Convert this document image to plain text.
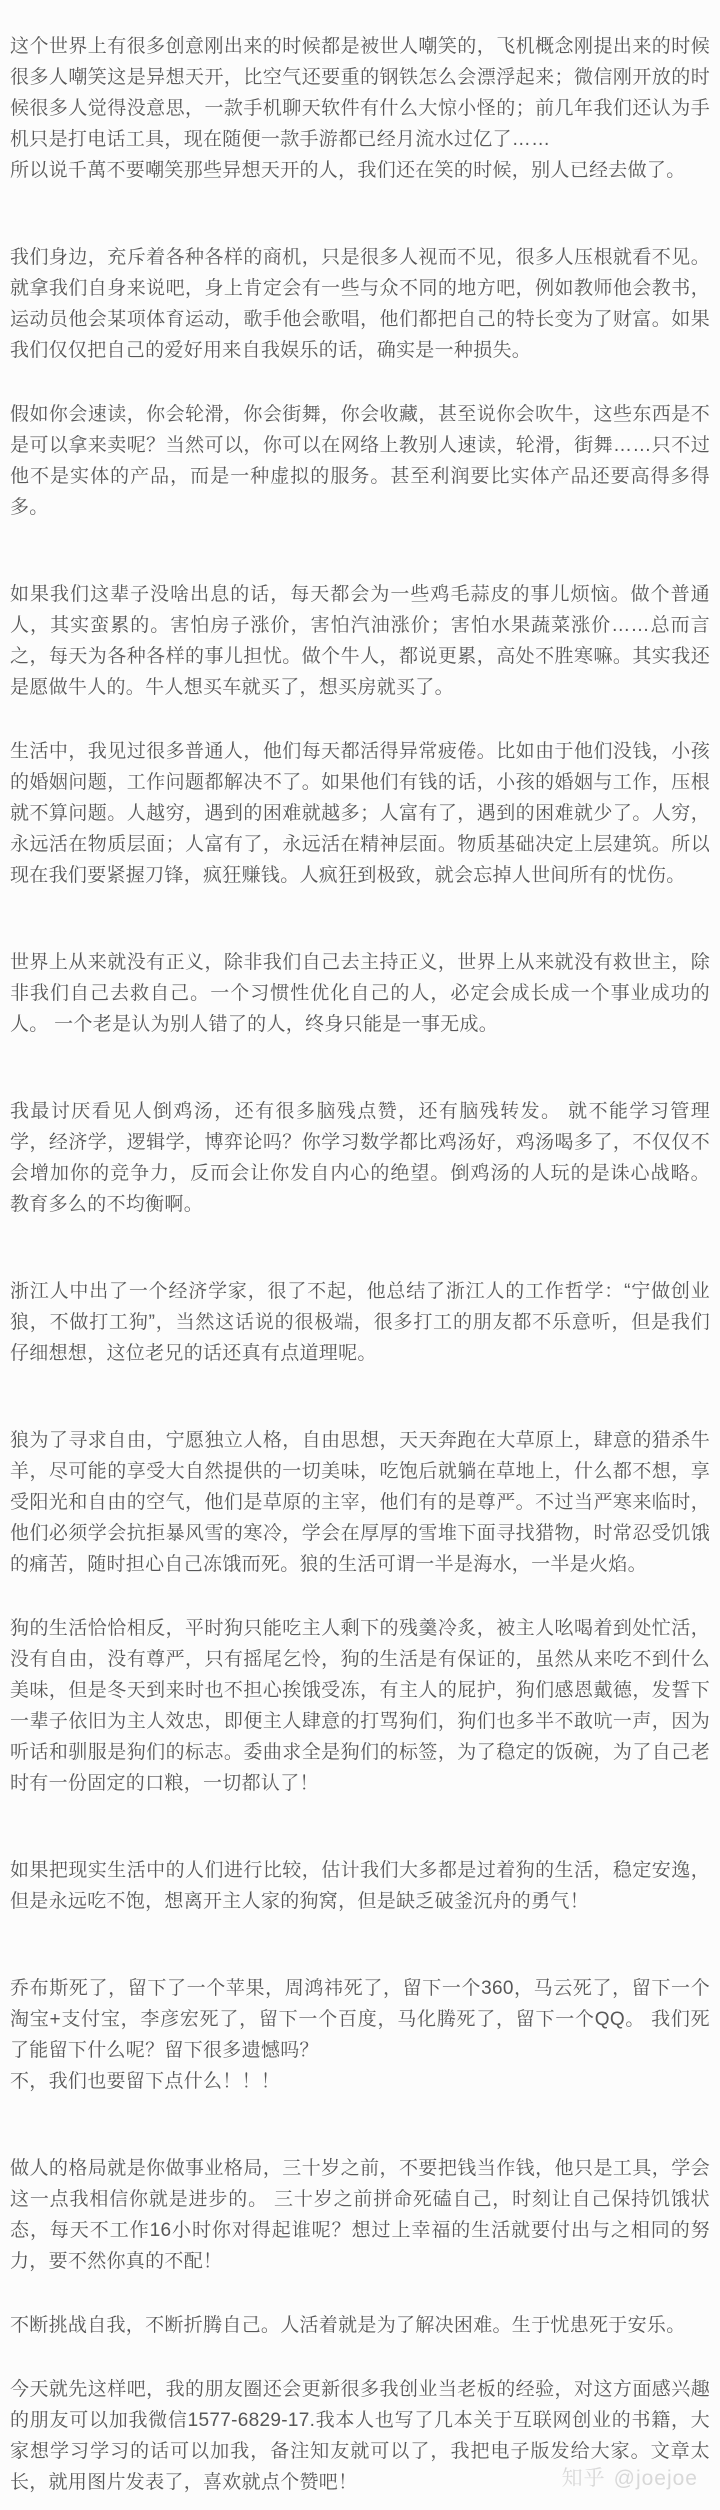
这个世界上有很多创意刚出来的时候都是被世人嘲笑的，飞机概念刚提出来的时候很多人嘲笑这是异想天开，比空气还要重的钢铁怎么会漂浮起来；微信刚开放的时候很多人觉得没意思，一款手机聊天软件有什么大惊小怪的；前几年我们还认为手机只是打电话工具，现在随便一款手游都已经月流水过亿了……

所以说千萬不要嘲笑那些异想天开的人，我们还在笑的时候，别人已经去做了。

我们身边，充斥着各种各样的商机，只是很多人视而不见，很多人压根就看不见。就拿我们自身来说吧，身上肯定会有一些与众不同的地方吧，例如教师他会教书，运动员他会某项体育运动，歌手他会歌唱，他们都把自己的特长变为了财富。如果我们仅仅把自己的爱好用来自我娱乐的话，确实是一种损失。

假如你会速读，你会轮滑，你会街舞，你会收藏，甚至说你会吹牛，这些东西是不是可以拿来卖呢？当然可以，你可以在网络上教别人速读，轮滑，街舞……只不过他不是实体的产品，而是一种虚拟的服务。甚至利润要比实体产品还要高得多得多。

如果我们这辈子没啥出息的话，每天都会为一些鸡毛蒜皮的事儿烦恼。做个普通人，其实蛮累的。害怕房子涨价，害怕汽油涨价；害怕水果蔬菜涨价……总而言之，每天为各种各样的事儿担忧。做个牛人，都说更累，高处不胜寒嘛。其实我还是愿做牛人的。牛人想买车就买了，想买房就买了。

生活中，我见过很多普通人，他们每天都活得异常疲倦。比如由于他们没钱，小孩的婚姻问题，工作问题都解决不了。如果他们有钱的话，小孩的婚姻与工作，压根就不算问题。人越穷，遇到的困难就越多；人富有了，遇到的困难就少了。人穷，永远活在物质层面；人富有了，永远活在精神层面。物质基础决定上层建筑。所以现在我们要紧握刀锋，疯狂赚钱。人疯狂到极致，就会忘掉人世间所有的忧伤。

世界上从来就没有正义，除非我们自己去主持正义，世界上从来就没有救世主，除非我们自己去救自己。一个习惯性优化自己的人，必定会成长成一个事业成功的人。 一个老是认为别人错了的人，终身只能是一事无成。

我最讨厌看见人倒鸡汤，还有很多脑残点赞，还有脑残转发。 就不能学习管理学，经济学，逻辑学，博弈论吗？你学习数学都比鸡汤好，鸡汤喝多了，不仅仅不会增加你的竞争力，反而会让你发自内心的绝望。倒鸡汤的人玩的是诛心战略。 教育多么的不均衡啊。

浙江人中出了一个经济学家，很了不起，他总结了浙江人的工作哲学：“宁做创业狼，不做打工狗”，当然这话说的很极端，很多打工的朋友都不乐意听，但是我们仔细想想，这位老兄的话还真有点道理呢。

狼为了寻求自由，宁愿独立人格，自由思想，天天奔跑在大草原上，肆意的猎杀牛羊，尽可能的享受大自然提供的一切美味，吃饱后就躺在草地上，什么都不想，享受阳光和自由的空气，他们是草原的主宰，他们有的是尊严。不过当严寒来临时，他们必须学会抗拒暴风雪的寒冷，学会在厚厚的雪堆下面寻找猎物，时常忍受饥饿的痛苦，随时担心自己冻饿而死。狼的生活可谓一半是海水，一半是火焰。

狗的生活恰恰相反，平时狗只能吃主人剩下的残羹冷炙，被主人吆喝着到处忙活，没有自由，没有尊严，只有摇尾乞怜，狗的生活是有保证的，虽然从来吃不到什么美味，但是冬天到来时也不担心挨饿受冻，有主人的屁护，狗们感恩戴德，发誓下一辈子依旧为主人效忠，即便主人肆意的打骂狗们，狗们也多半不敢吭一声，因为听话和驯服是狗们的标志。委曲求全是狗们的标签，为了稳定的饭碗，为了自己老时有一份固定的口粮，一切都认了！

如果把现实生活中的人们进行比较，估计我们大多都是过着狗的生活，稳定安逸，但是永远吃不饱，想离开主人家的狗窝，但是缺乏破釜沉舟的勇气！

乔布斯死了，留下了一个苹果，周鸿祎死了，留下一个360，马云死了，留下一个淘宝+支付宝，李彦宏死了，留下一个百度，马化腾死了，留下一个QQ。 我们死了能留下什么呢？留下很多遗憾吗？

不，我们也要留下点什么！！！

做人的格局就是你做事业格局，三十岁之前，不要把钱当作钱，他只是工具，学会这一点我相信你就是进步的。 三十岁之前拼命死磕自己，时刻让自己保持饥饿状态，每天不工作16小时你对得起谁呢？想过上幸福的生活就要付出与之相同的努力，要不然你真的不配！

不断挑战自我，不断折腾自己。人活着就是为了解决困难。生于忧患死于安乐。

今天就先这样吧，我的朋友圈还会更新很多我创业当老板的经验，对这方面感兴趣的朋友可以加我微信1577-6829-17.我本人也写了几本关于互联网创业的书籍，大家想学习学习的话可以加我，备注知友就可以了，我把电子版发给大家。文章太长，就用图片发表了，喜欢就点个赞吧！	知乎 @joejoe
